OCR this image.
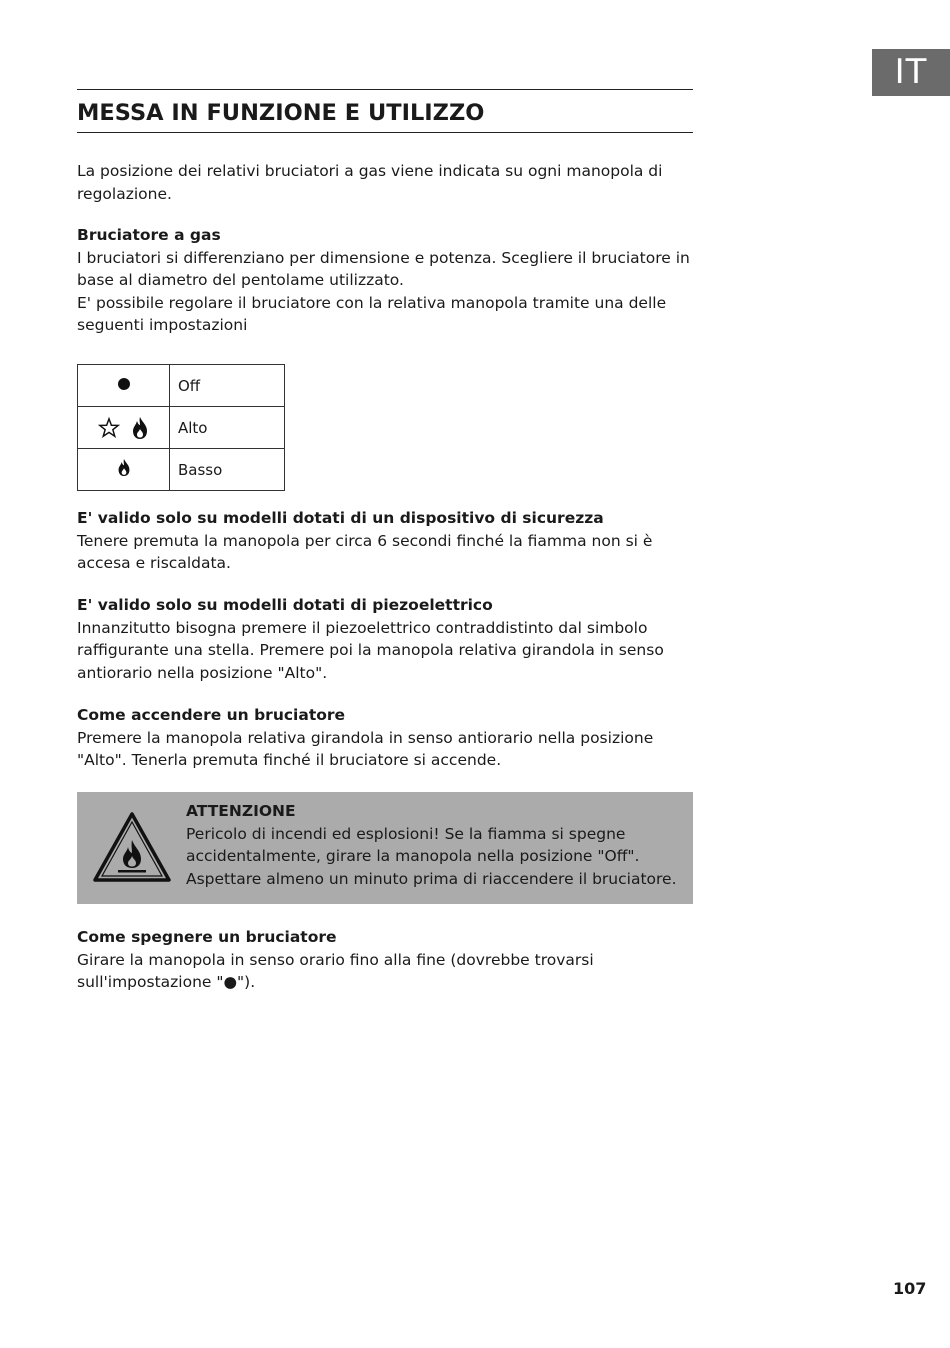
IT
MESSA IN FUNZIONE E UTILIZZO

La posizione dei relativi bruciatori a gas viene indicata su ogni manopola di regolazione.

Bruciatore a gas
I bruciatori si differenziano per dimensione e potenza. Scegliere il bruciatore in base al diametro del pentolame utilizzato.
E' possibile regolare il bruciatore con la relativa manopola tramite una delle seguenti impostazioni
	Off
	Alto
	Basso
E' valido solo su modelli dotati di un dispositivo di sicurezza
Tenere premuta la manopola per circa 6 secondi finché la fiamma non si è accesa e riscaldata.
E' valido solo su modelli dotati di piezoelettrico
Innanzitutto bisogna premere il piezoelettrico contraddistinto dal simbolo raffigurante una stella. Premere poi la manopola relativa girandola in senso antiorario nella posizione "Alto".
Come accendere un bruciatore
Premere la manopola relativa girandola in senso antiorario nella posizione "Alto". Tenerla premuta finché il bruciatore si accende.
ATTENZIONE
Pericolo di incendi ed esplosioni! Se la fiamma si spegne accidentalmente, girare la manopola nella posizione "Off". Aspettare almeno un minuto prima di riaccendere il bruciatore.
Come spegnere un bruciatore
Girare la manopola in senso orario fino alla fine (dovrebbe trovarsi sull'impostazione "●").
107
